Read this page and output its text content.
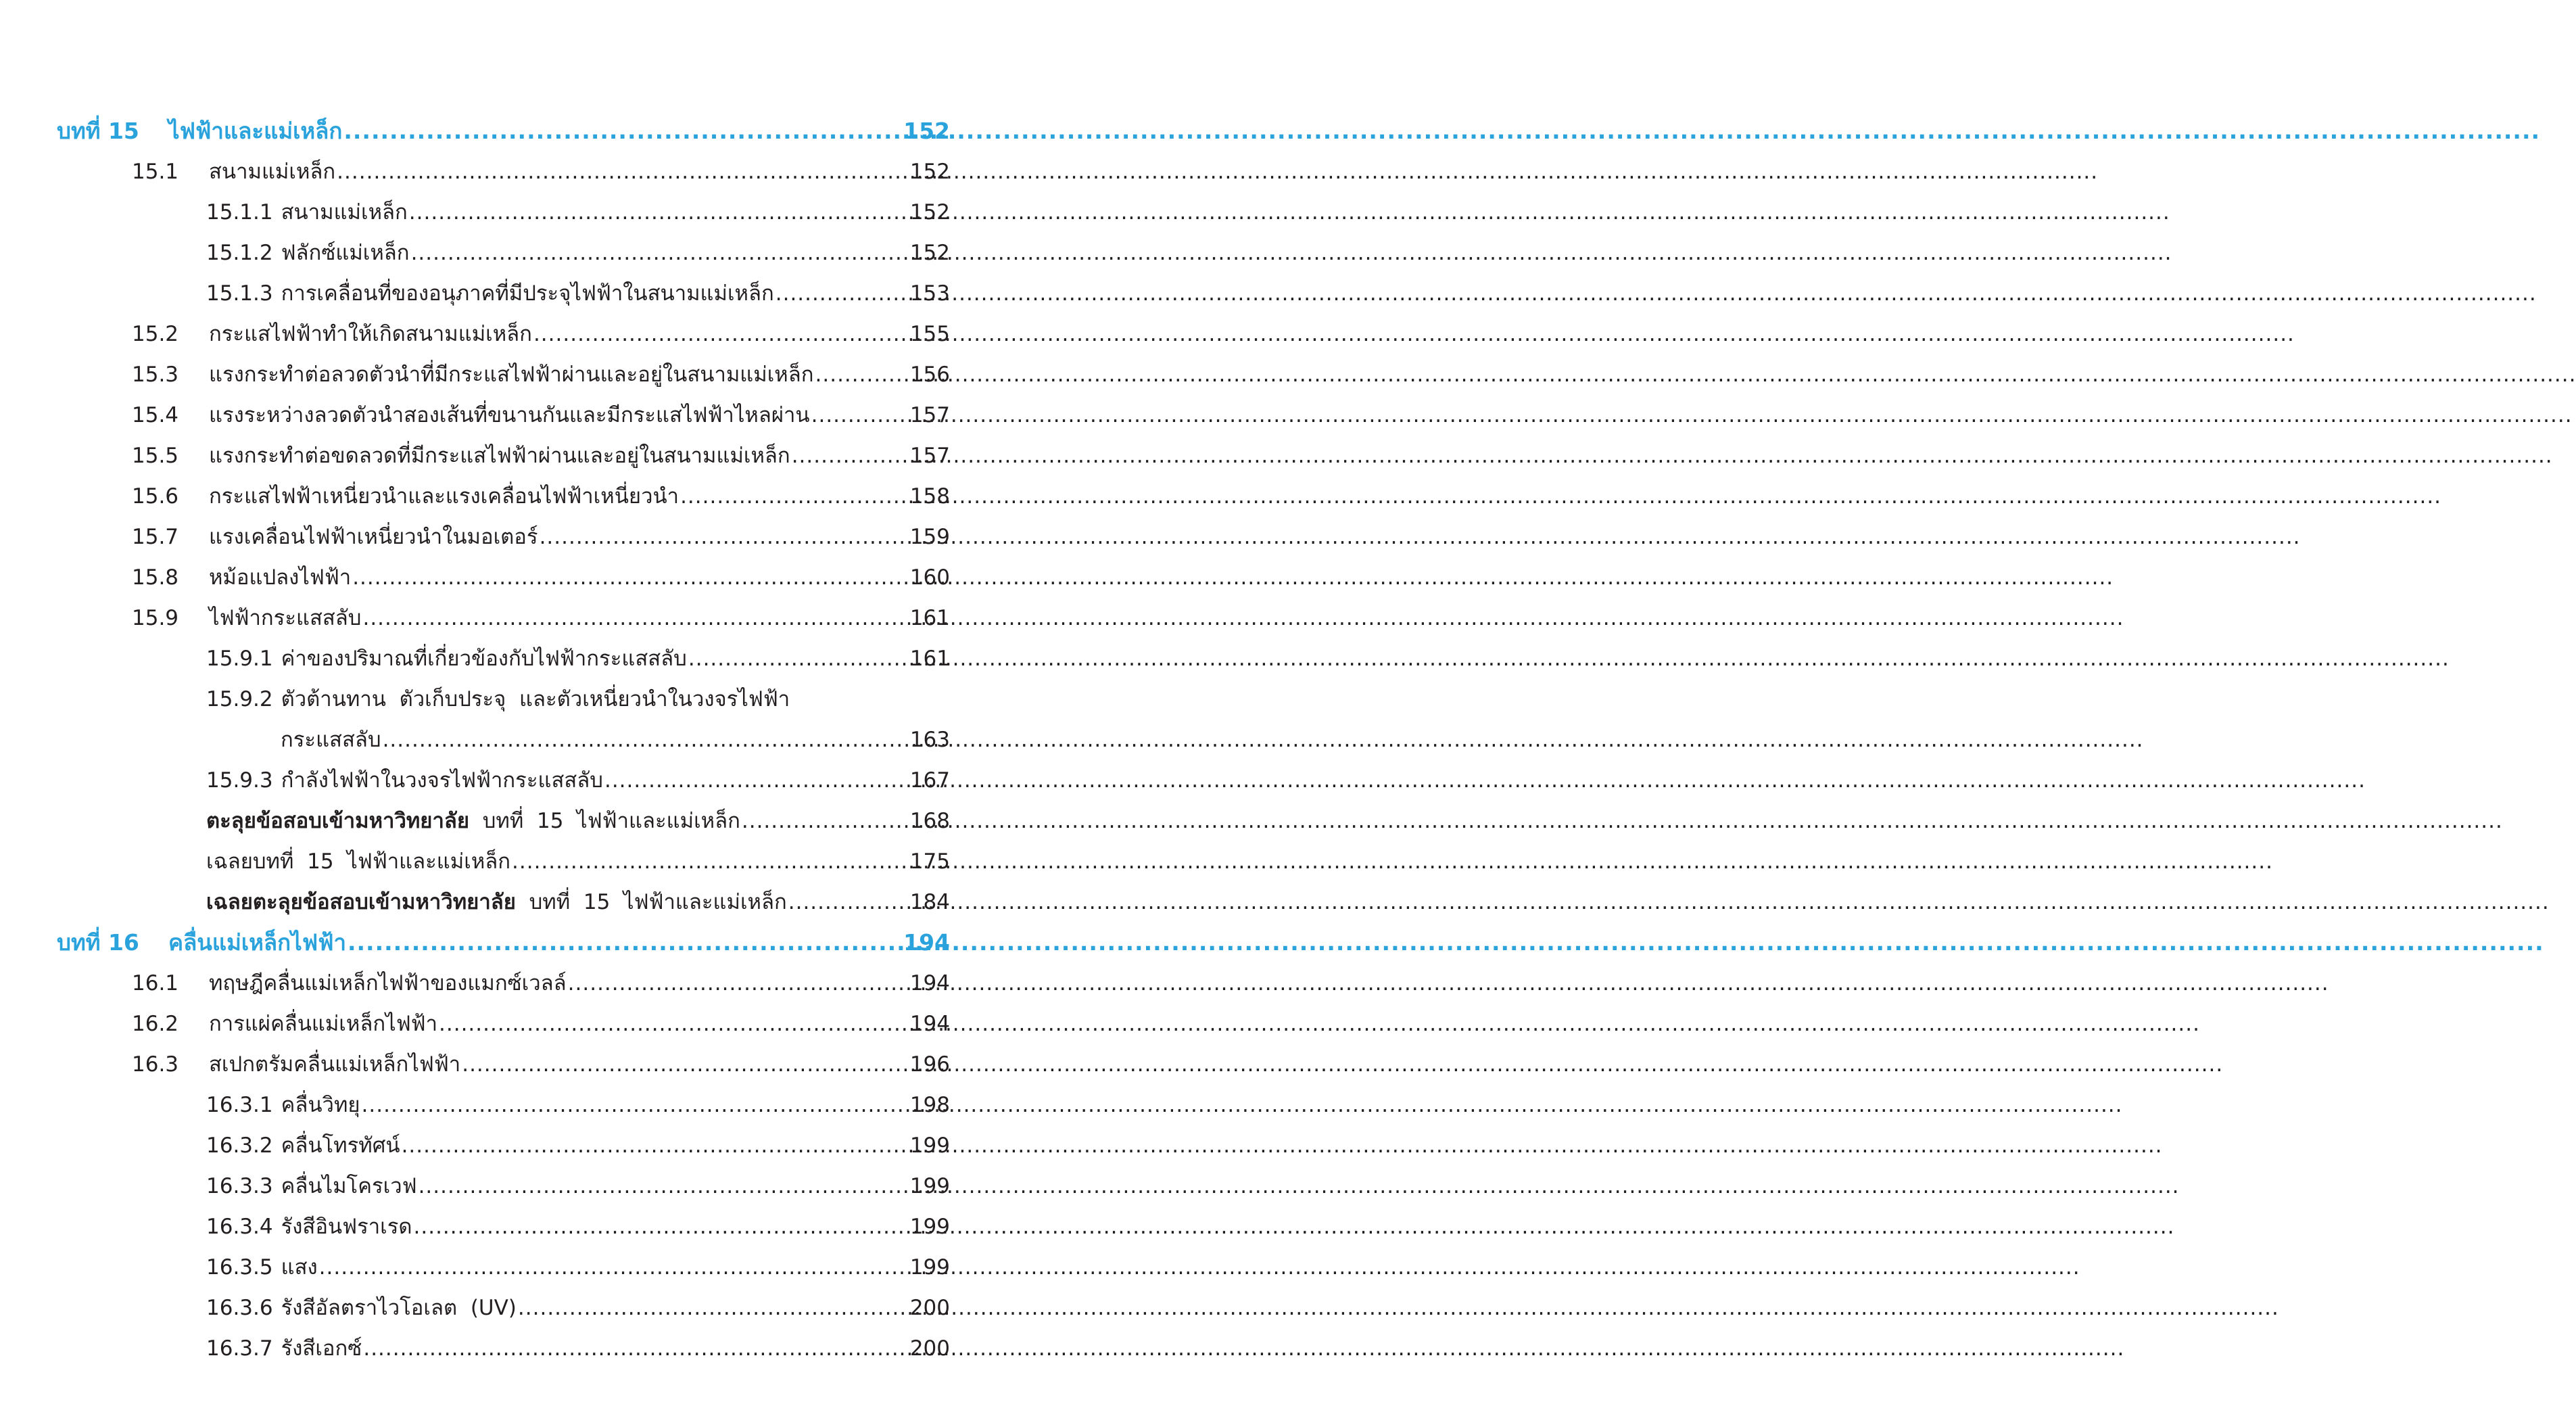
บทที่ 15	ไฟฟ้าและแม่เหล็ก .....	152
15.1	สนามแม่เหล็ก .....	152
15.1.1 สนามแม่เหล็ก .....	152
15.1.2 ฟลักซ์แม่เหล็ก .....	152
15.1.3 การเคลื่อนที่ของอนุภาคที่มีประจุไฟฟ้าในสนามแม่เหล็ก .....	153
15.2	กระแสไฟฟ้าทำให้เกิดสนามแม่เหล็ก .....	155
15.3	แรงกระทำต่อลวดตัวนำที่มีกระแสไฟฟ้าผ่านและอยู่ในสนามแม่เหล็ก .....	156
15.4	แรงระหว่างลวดตัวนำสองเส้นที่ขนานกันและมีกระแสไฟฟ้าไหลผ่าน .....	157
15.5	แรงกระทำต่อขดลวดที่มีกระแสไฟฟ้าผ่านและอยู่ในสนามแม่เหล็ก .....	157
15.6	กระแสไฟฟ้าเหนี่ยวนำและแรงเคลื่อนไฟฟ้าเหนี่ยวนำ .....	158
15.7	แรงเคลื่อนไฟฟ้าเหนี่ยวนำในมอเตอร์ .....	159
15.8	หม้อแปลงไฟฟ้า .....	160
15.9	ไฟฟ้ากระแสสลับ .....	161
15.9.1 ค่าของปริมาณที่เกี่ยวข้องกับไฟฟ้ากระแสสลับ .....	161
15.9.2 ตัวต้านทาน  ตัวเก็บประจุ  และตัวเหนี่ยวนำในวงจรไฟฟ้า
กระแสสลับ .....	163
15.9.3 กำลังไฟฟ้าในวงจรไฟฟ้ากระแสสลับ .....	167
ตะลุยข้อสอบเข้ามหาวิทยาลัย  บทที่  15  ไฟฟ้าและแม่เหล็ก .....	168
เฉลยบทที่  15  ไฟฟ้าและแม่เหล็ก .....	175
เฉลยตะลุยข้อสอบเข้ามหาวิทยาลัย  บทที่  15  ไฟฟ้าและแม่เหล็ก .....	184
บทที่ 16	คลื่นแม่เหล็กไฟฟ้า .....	194
16.1	ทฤษฎีคลื่นแม่เหล็กไฟฟ้าของแมกซ์เวลล์ .....	194
16.2	การแผ่คลื่นแม่เหล็กไฟฟ้า .....	194
16.3	สเปกตรัมคลื่นแม่เหล็กไฟฟ้า .....	196
16.3.1 คลื่นวิทยุ .....	198
16.3.2 คลื่นโทรทัศน์ .....	199
16.3.3 คลื่นไมโครเวฟ .....	199
16.3.4 รังสีอินฟราเรด .....	199
16.3.5 แสง .....	199
16.3.6 รังสีอัลตราไวโอเลต  (UV) .....	200
16.3.7 รังสีเอกซ์ .....	200
